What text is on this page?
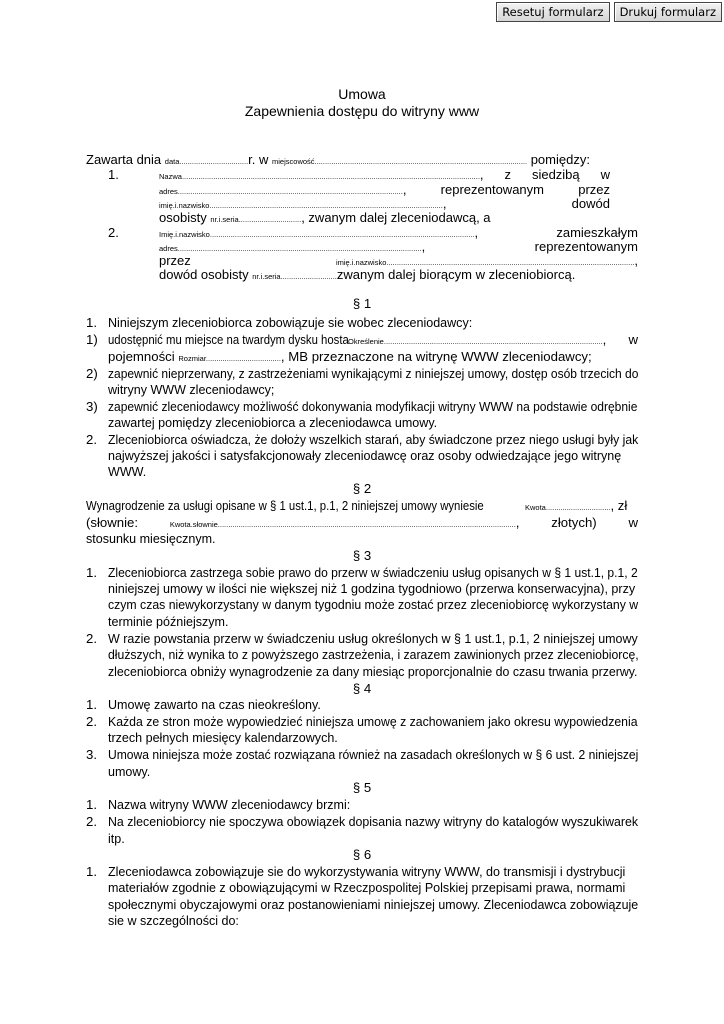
Resetuj formularz	Drukuj formularz
Umowa
Zapewnienia dostępu do witryny www
Zawarta dnia data.................................r. w miejscowość...................................................................................................... pomiędzy:
1.	Nazwa..............................................................................................................................................., z siedzibą w
adres............................................................................................................, reprezentowanym przez
imię.i.nazwisko................................................................................................................, dowód
osobisty nr.i.seria.............................., zwanym dalej zleceniodawcą, a
2.	Imię.i.nazwisko..............................................................................................................................., zamieszkałym
adres....................................................................................................................., reprezentowanym
przez	imię.i.nazwisko.......................................................................................................................,
dowód osobisty nr.i.seria...........................zwanym dalej biorącym w zleceniobiorcą.
§ 1
1. Niniejszym zleceniobiorca zobowiązuje sie wobec zleceniodawcy:
1) udostępnić mu miejsce na twardym dysku hostaOkreślenie........................................................................................................., w
pojemności Rozmiar...................................., MB przeznaczone na witrynę WWW zleceniodawcy;
2) zapewnić nieprzerwany, z zastrzeżeniami wynikającymi z niniejszej umowy, dostęp osób trzecich do
witryny WWW zleceniodawcy;
3) zapewnić zleceniodawcy możliwość dokonywania modyfikacji witryny WWW na podstawie odrębnie
zawartej pomiędzy zleceniobiorca a zleceniodawca umowy.
2. Zleceniobiorca oświadcza, że dołoży wszelkich starań, aby świadczone przez niego usługi były jak
najwyższej jakości i satysfakcjonowały zleceniodawcę oraz osoby odwiedzające jego witrynę
WWW.
§ 2
Wynagrodzenie za usługi opisane w § 1 ust.1, p.1, 2 niniejszej umowy wyniesie	Kwota..............................., zł
(słownie:	Kwota.słownie..............................................................................................................................................., złotych) w
stosunku miesięcznym.
§ 3
1. Zleceniobiorca zastrzega sobie prawo do przerw w świadczeniu usług opisanych w § 1 ust.1, p.1, 2
niniejszej umowy w ilości nie większej niż 1 godzina tygodniowo (przerwa konserwacyjna), przy
czym czas niewykorzystany w danym tygodniu może zostać przez zleceniobiorcę wykorzystany w
terminie późniejszym.
2. W razie powstania przerw w świadczeniu usług określonych w § 1 ust.1, p.1, 2 niniejszej umowy
dłuższych, niż wynika to z powyższego zastrzeżenia, i zarazem zawinionych przez zleceniobiorcę,
zleceniobiorca obniży wynagrodzenie za dany miesiąc proporcjonalnie do czasu trwania przerwy.
§ 4
1. Umowę zawarto na czas nieokreślony.
2. Każda ze stron może wypowiedzieć niniejsza umowę z zachowaniem jako okresu wypowiedzenia
trzech pełnych miesięcy kalendarzowych.
3. Umowa niniejsza może zostać rozwiązana również na zasadach określonych w § 6 ust. 2 niniejszej
umowy.
§ 5
1. Nazwa witryny WWW zleceniodawcy brzmi:
2. Na zleceniobiorcy nie spoczywa obowiązek dopisania nazwy witryny do katalogów wyszukiwarek
itp.
§ 6
1. Zleceniodawca zobowiązuje sie do wykorzystywania witryny WWW, do transmisji i dystrybucji
materiałów zgodnie z obowiązującymi w Rzeczpospolitej Polskiej przepisami prawa, normami
społecznymi obyczajowymi oraz postanowieniami niniejszej umowy. Zleceniodawca zobowiązuje
sie w szczególności do:
